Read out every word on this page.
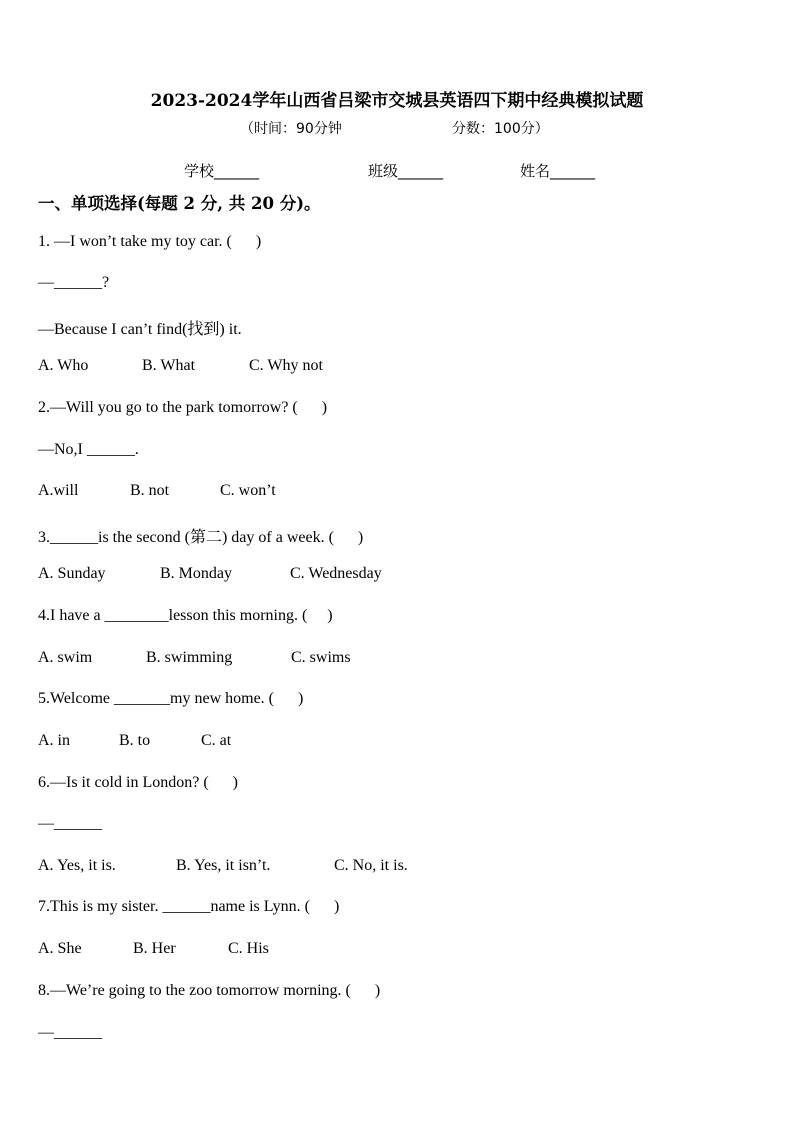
2023-2024学年山西省吕梁市交城县英语四下期中经典模拟试题
（时间：90分钟	分数：100分）
学校______	班级______	姓名______
一、单项选择(每题 2 分, 共 20 分)。
1. —I won’t take my toy car. (      )
—______?
—Because I can’t find(找到) it.
A. Who	B. What	C. Why not
2.—Will you go to the park tomorrow? (      )
—No,I ______.
A.will	B. not	C. won’t
3.______is the second (第二) day of a week. (      )
A. Sunday	B. Monday	C. Wednesday
4.I have a ________lesson this morning. (     )
A. swim	B. swimming	C. swims
5.Welcome _______my new home. (      )
A. in	B. to	C. at
6.—Is it cold in London? (      )
—______
A. Yes, it is.	B. Yes, it isn’t.	C. No, it is.
7.This is my sister. ______name is Lynn. (      )
A. She	B. Her	C. His
8.—We’re going to the zoo tomorrow morning. (      )
—______
